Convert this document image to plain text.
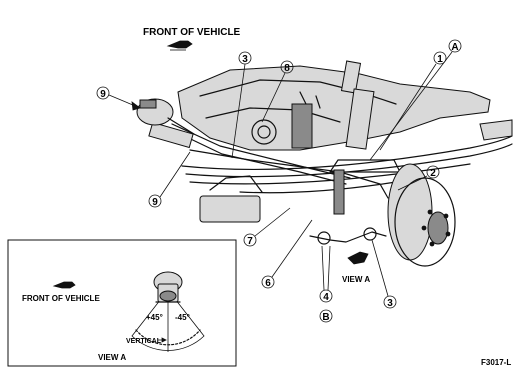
FRONT OF VEHICLE
9
3
8
A
1
2
9
7
6
4
B
3
VIEW A
FRONT OF VEHICLE
+45° -45°
VERTICAL
VIEW A
F3017-L
